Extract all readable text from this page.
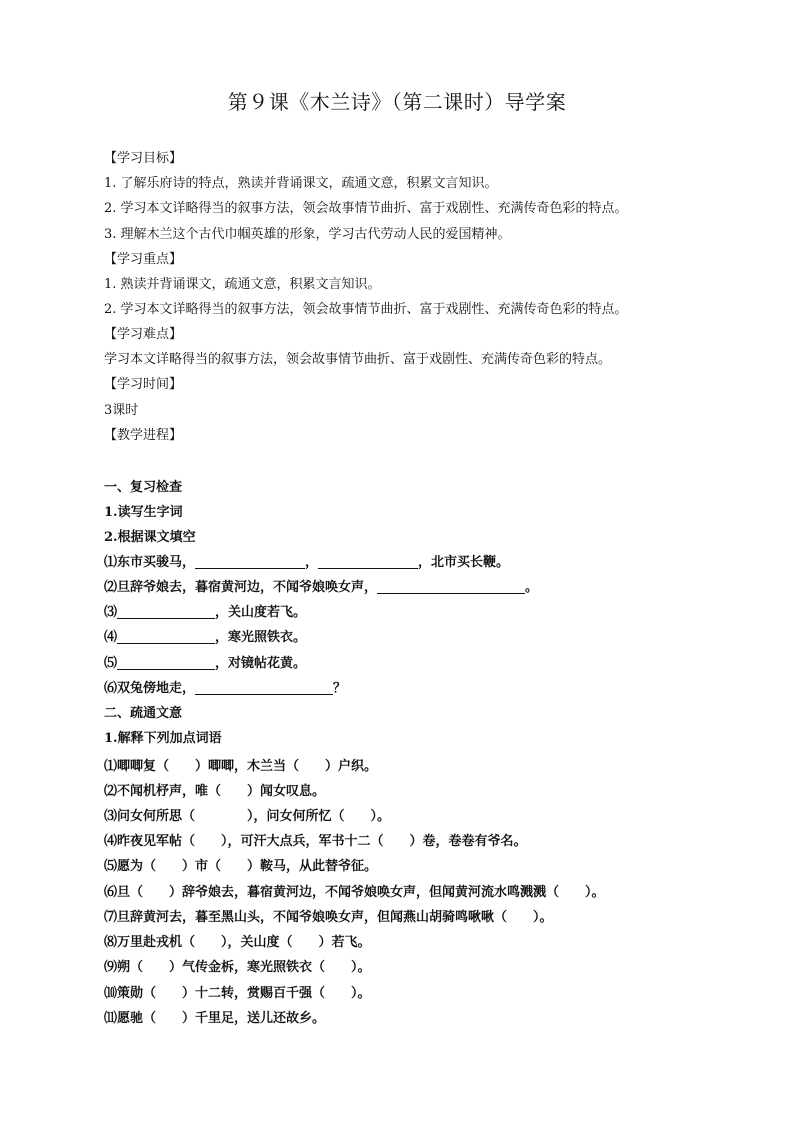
第９课《木兰诗》（第二课时）导学案
【学习目标】
1. 了解乐府诗的特点，熟读并背诵课文，疏通文意，积累文言知识。
2. 学习本文详略得当的叙事方法，领会故事情节曲折、富于戏剧性、充满传奇色彩的特点。
3. 理解木兰这个古代巾帼英雄的形象，学习古代劳动人民的爱国精神。
【学习重点】
1. 熟读并背诵课文，疏通文意，积累文言知识。
2. 学习本文详略得当的叙事方法，领会故事情节曲折、富于戏剧性、充满传奇色彩的特点。
【学习难点】
学习本文详略得当的叙事方法，领会故事情节曲折、富于戏剧性、充满传奇色彩的特点。
【学习时间】
3课时
【教学进程】
一、复习检查
1.读写生字词
2.根据课文填空
⑴东市买骏马，	，	，北市买长鞭。
⑵旦辞爷娘去，暮宿黄河边，不闻爷娘唤女声，	。
⑶	，关山度若飞。
⑷	，寒光照铁衣。
⑸	，对镜帖花黄。
⑹双兔傍地走，	？
二、疏通文意
1.解释下列加点词语
⑴唧唧复（　　）唧唧，木兰当（　　）户织。
⑵不闻机杼声，唯（　　）闻女叹息。
⑶问女何所思（　　　　），问女何所忆（　　）。
⑷昨夜见军帖（　　），可汗大点兵，军书十二（　　）卷，卷卷有爷名。
⑸愿为（　　）市（　　）鞍马，从此替爷征。
⑹旦（　　）辞爷娘去，暮宿黄河边，不闻爷娘唤女声，但闻黄河流水鸣溅溅（　　）。
⑺旦辞黄河去，暮至黑山头，不闻爷娘唤女声，但闻燕山胡骑鸣啾啾（　　）。
⑻万里赴戎机（　　），关山度（　　）若飞。
⑼朔（　　）气传金柝，寒光照铁衣（　　）。
⑽策勋（　　）十二转，赏赐百千强（　　）。
⑾愿驰（　　）千里足，送儿还故乡。
